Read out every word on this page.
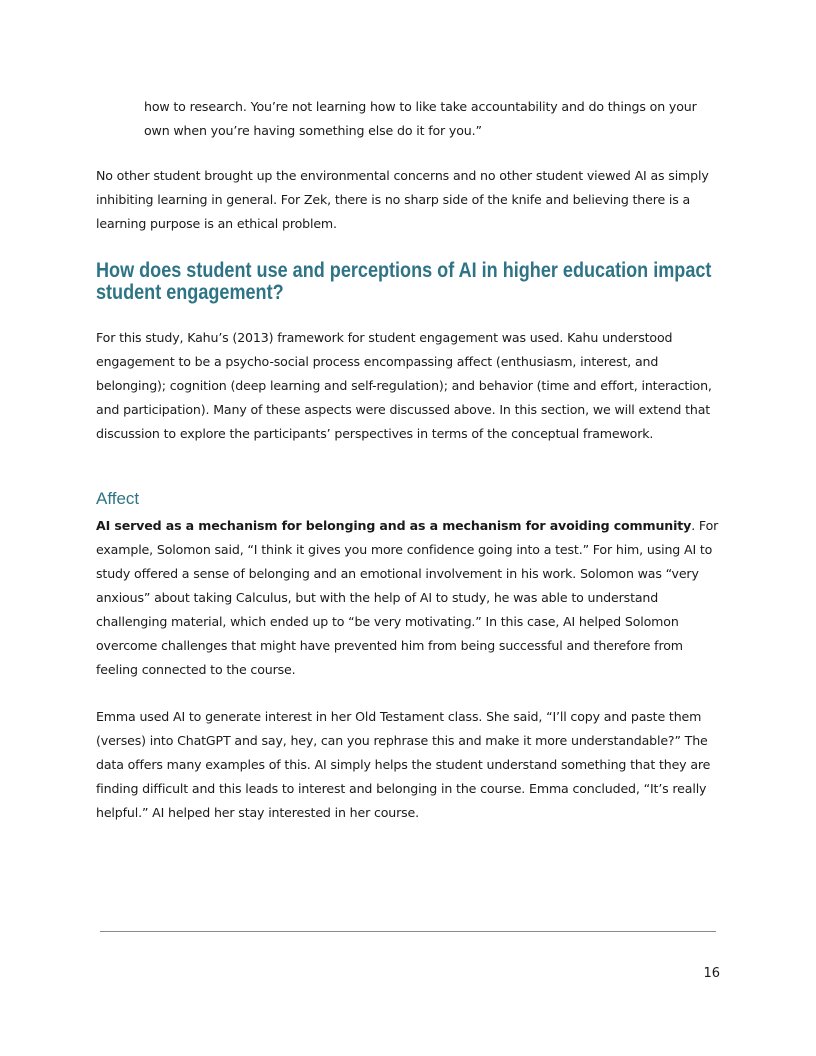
how to research. You’re not learning how to like take accountability and do things on your own when you’re having something else do it for you.”

No other student brought up the environmental concerns and no other student viewed AI as simply inhibiting learning in general. For Zek, there is no sharp side of the knife and believing there is a learning purpose is an ethical problem.

How does student use and perceptions of AI in higher education impact student engagement?

For this study, Kahu’s (2013) framework for student engagement was used. Kahu understood engagement to be a psycho-social process encompassing affect (enthusiasm, interest, and belonging); cognition (deep learning and self-regulation); and behavior (time and effort, interaction, and participation). Many of these aspects were discussed above. In this section, we will extend that discussion to explore the participants’ perspectives in terms of the conceptual framework.

Affect

AI served as a mechanism for belonging and as a mechanism for avoiding community. For example, Solomon said, “I think it gives you more confidence going into a test.” For him, using AI to study offered a sense of belonging and an emotional involvement in his work. Solomon was “very anxious” about taking Calculus, but with the help of AI to study, he was able to understand challenging material, which ended up to “be very motivating.” In this case, AI helped Solomon overcome challenges that might have prevented him from being successful and therefore from feeling connected to the course.

Emma used AI to generate interest in her Old Testament class. She said, “I’ll copy and paste them (verses) into ChatGPT and say, hey, can you rephrase this and make it more understandable?” The data offers many examples of this. AI simply helps the student understand something that they are finding difficult and this leads to interest and belonging in the course. Emma concluded, “It’s really helpful.” AI helped her stay interested in her course.

16
